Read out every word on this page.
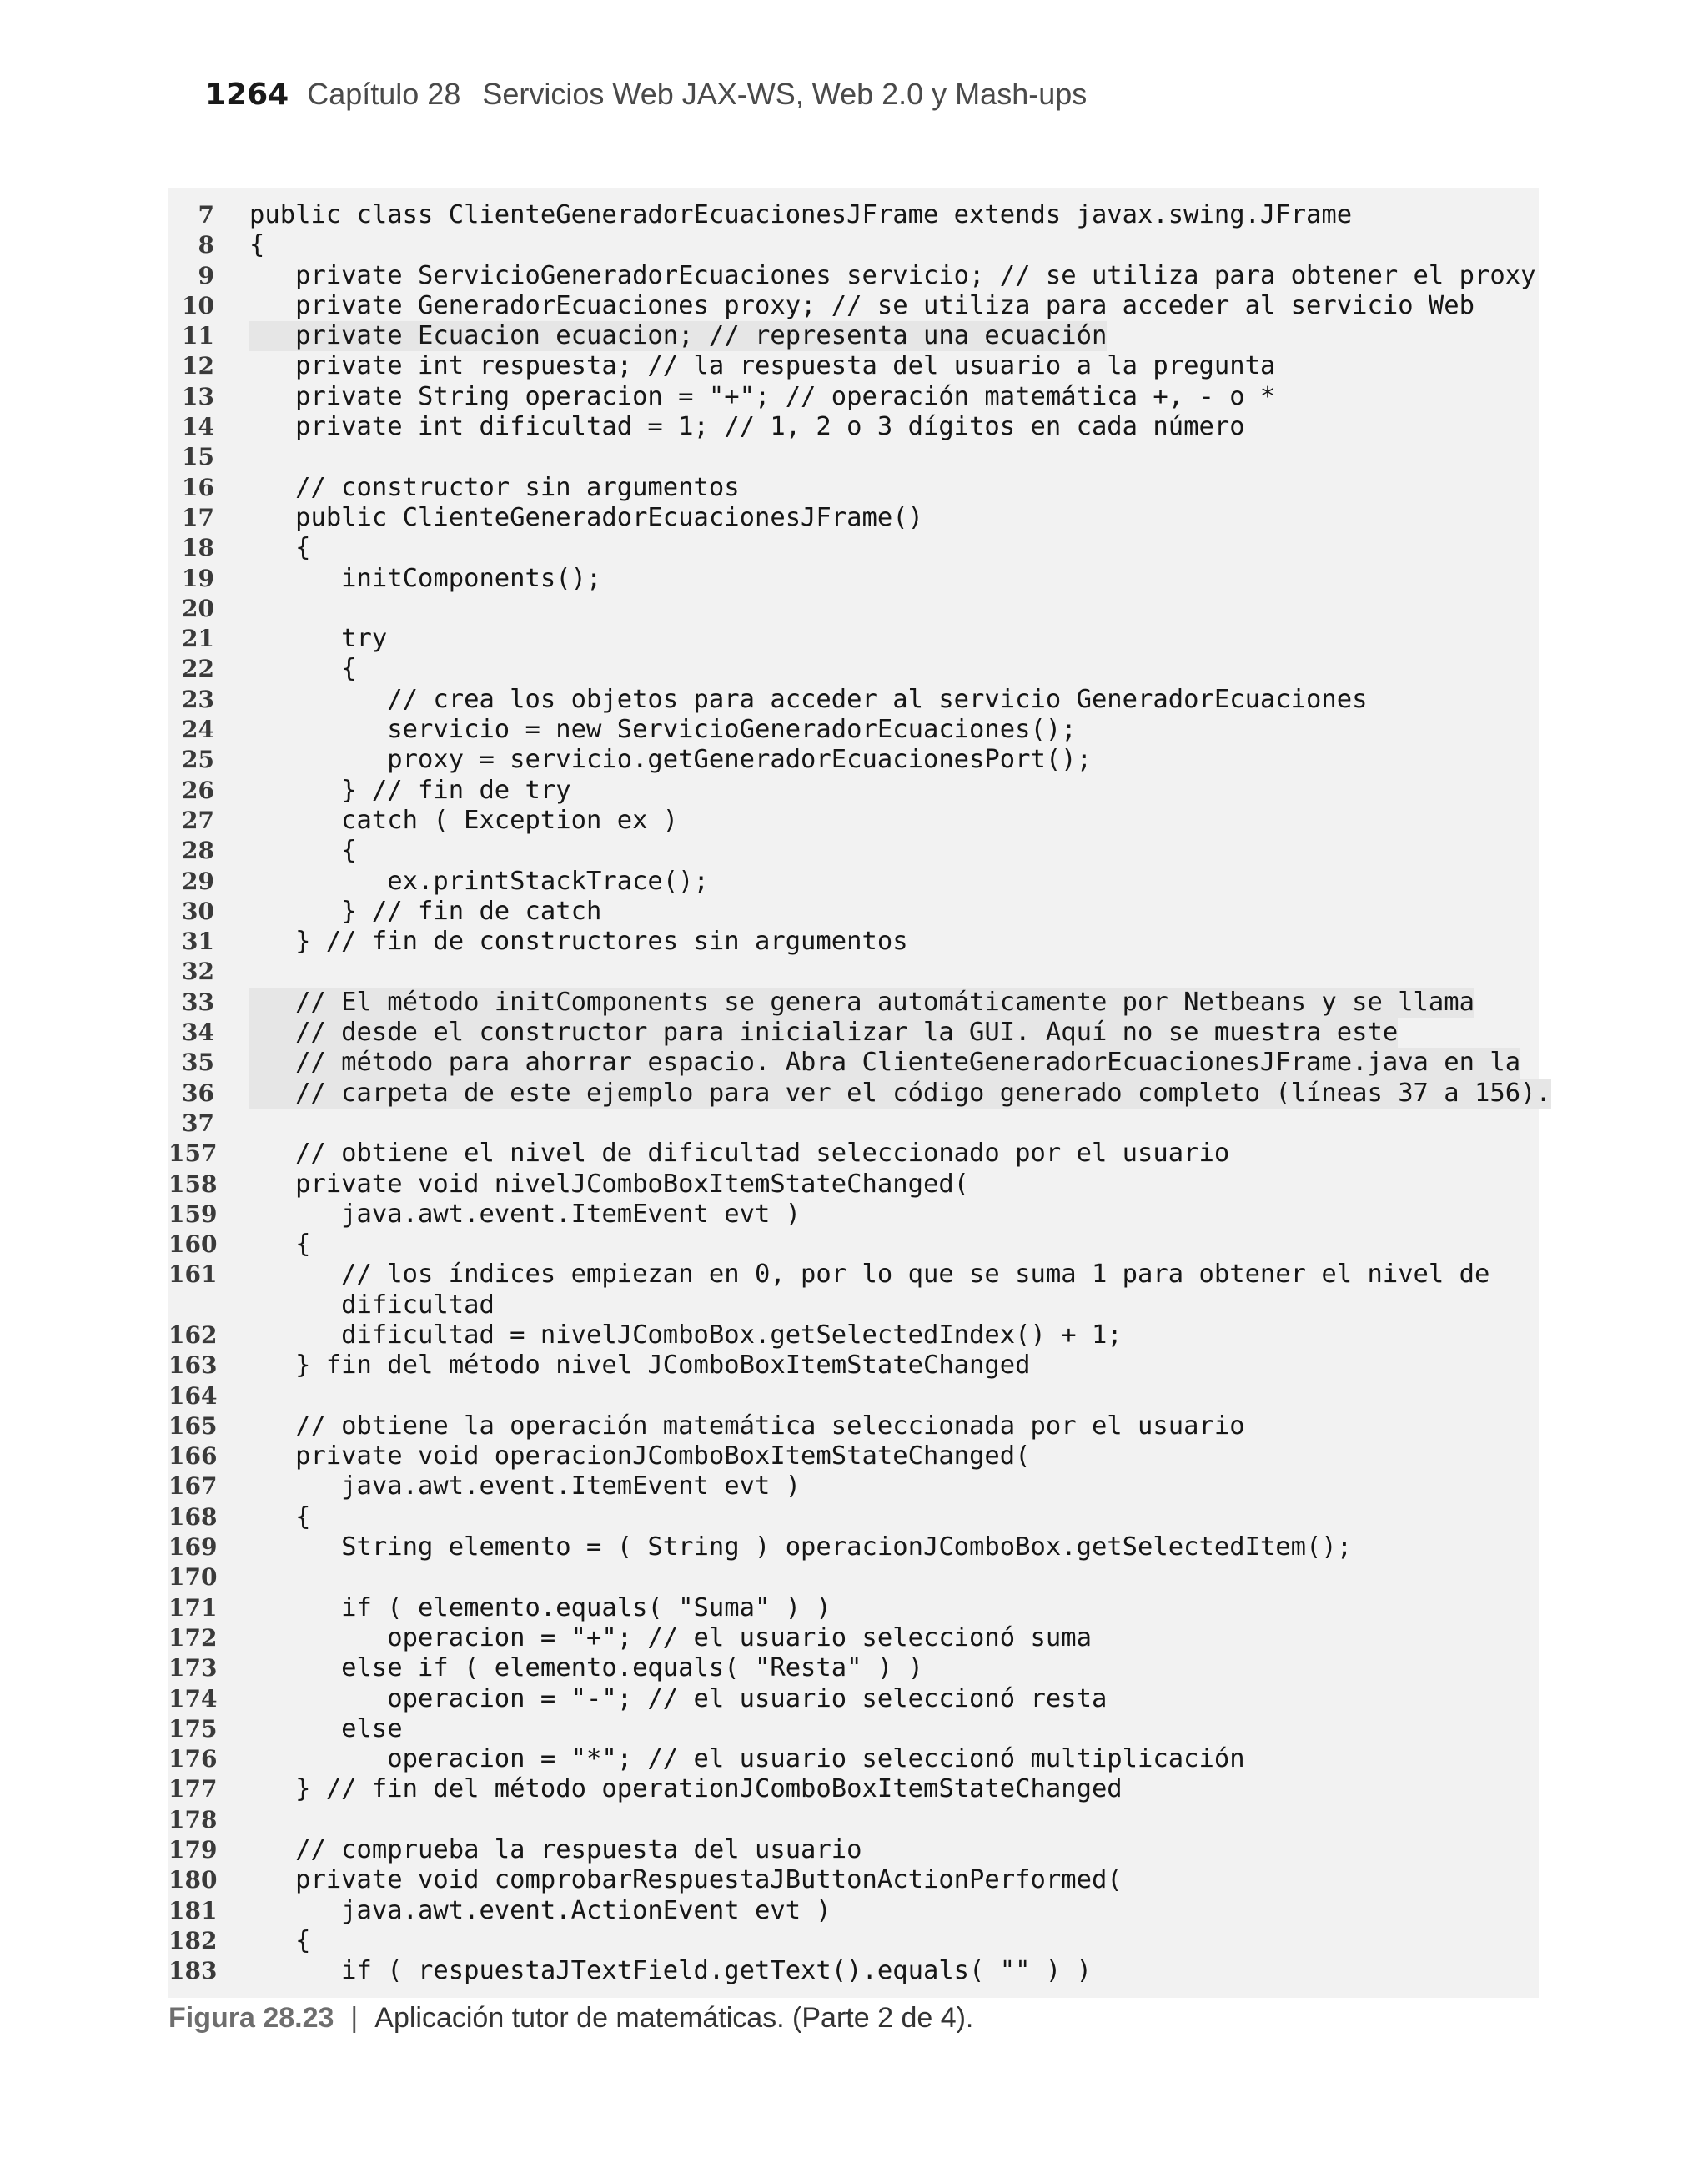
1264 Capítulo 28 Servicios Web JAX-WS, Web 2.0 y Mash-ups
7 public class ClienteGeneradorEcuacionesJFrame extends javax.swing.JFrame
8 {
9 private ServicioGeneradorEcuaciones servicio; // se utiliza para obtener el proxy
10 private GeneradorEcuaciones proxy; // se utiliza para acceder al servicio Web
11 private Ecuacion ecuacion; // representa una ecuación
12 private int respuesta; // la respuesta del usuario a la pregunta
13 private String operacion = "+"; // operación matemática +, - o *
14 private int dificultad = 1; // 1, 2 o 3 dígitos en cada número
15
16 // constructor sin argumentos
17 public ClienteGeneradorEcuacionesJFrame()
18 {
19 initComponents();
20
21 try
22 {
23 // crea los objetos para acceder al servicio GeneradorEcuaciones
24 servicio = new ServicioGeneradorEcuaciones();
25 proxy = servicio.getGeneradorEcuacionesPort();
26 } // fin de try
27 catch ( Exception ex )
28 {
29 ex.printStackTrace();
30 } // fin de catch
31 } // fin de constructores sin argumentos
32
33 // El método initComponents se genera automáticamente por Netbeans y se llama
34 // desde el constructor para inicializar la GUI. Aquí no se muestra este
35 // método para ahorrar espacio. Abra ClienteGeneradorEcuacionesJFrame.java en la
36 // carpeta de este ejemplo para ver el código generado completo (líneas 37 a 156).
37
157 // obtiene el nivel de dificultad seleccionado por el usuario
158 private void nivelJComboBoxItemStateChanged(
159 java.awt.event.ItemEvent evt )
160 {
161 // los índices empiezan en 0, por lo que se suma 1 para obtener el nivel de
dificultad
162 dificultad = nivelJComboBox.getSelectedIndex() + 1;
163 } fin del método nivel JComboBoxItemStateChanged
164
165 // obtiene la operación matemática seleccionada por el usuario
166 private void operacionJComboBoxItemStateChanged(
167 java.awt.event.ItemEvent evt )
168 {
169 String elemento = ( String ) operacionJComboBox.getSelectedItem();
170
171 if ( elemento.equals( "Suma" ) )
172 operacion = "+"; // el usuario seleccionó suma
173 else if ( elemento.equals( "Resta" ) )
174 operacion = "-"; // el usuario seleccionó resta
175 else
176 operacion = "*"; // el usuario seleccionó multiplicación
177 } // fin del método operationJComboBoxItemStateChanged
178
179 // comprueba la respuesta del usuario
180 private void comprobarRespuestaJButtonActionPerformed(
181 java.awt.event.ActionEvent evt )
182 {
183 if ( respuestaJTextField.getText().equals( "" ) )
Figura 28.23 | Aplicación tutor de matemáticas. (Parte 2 de 4).
